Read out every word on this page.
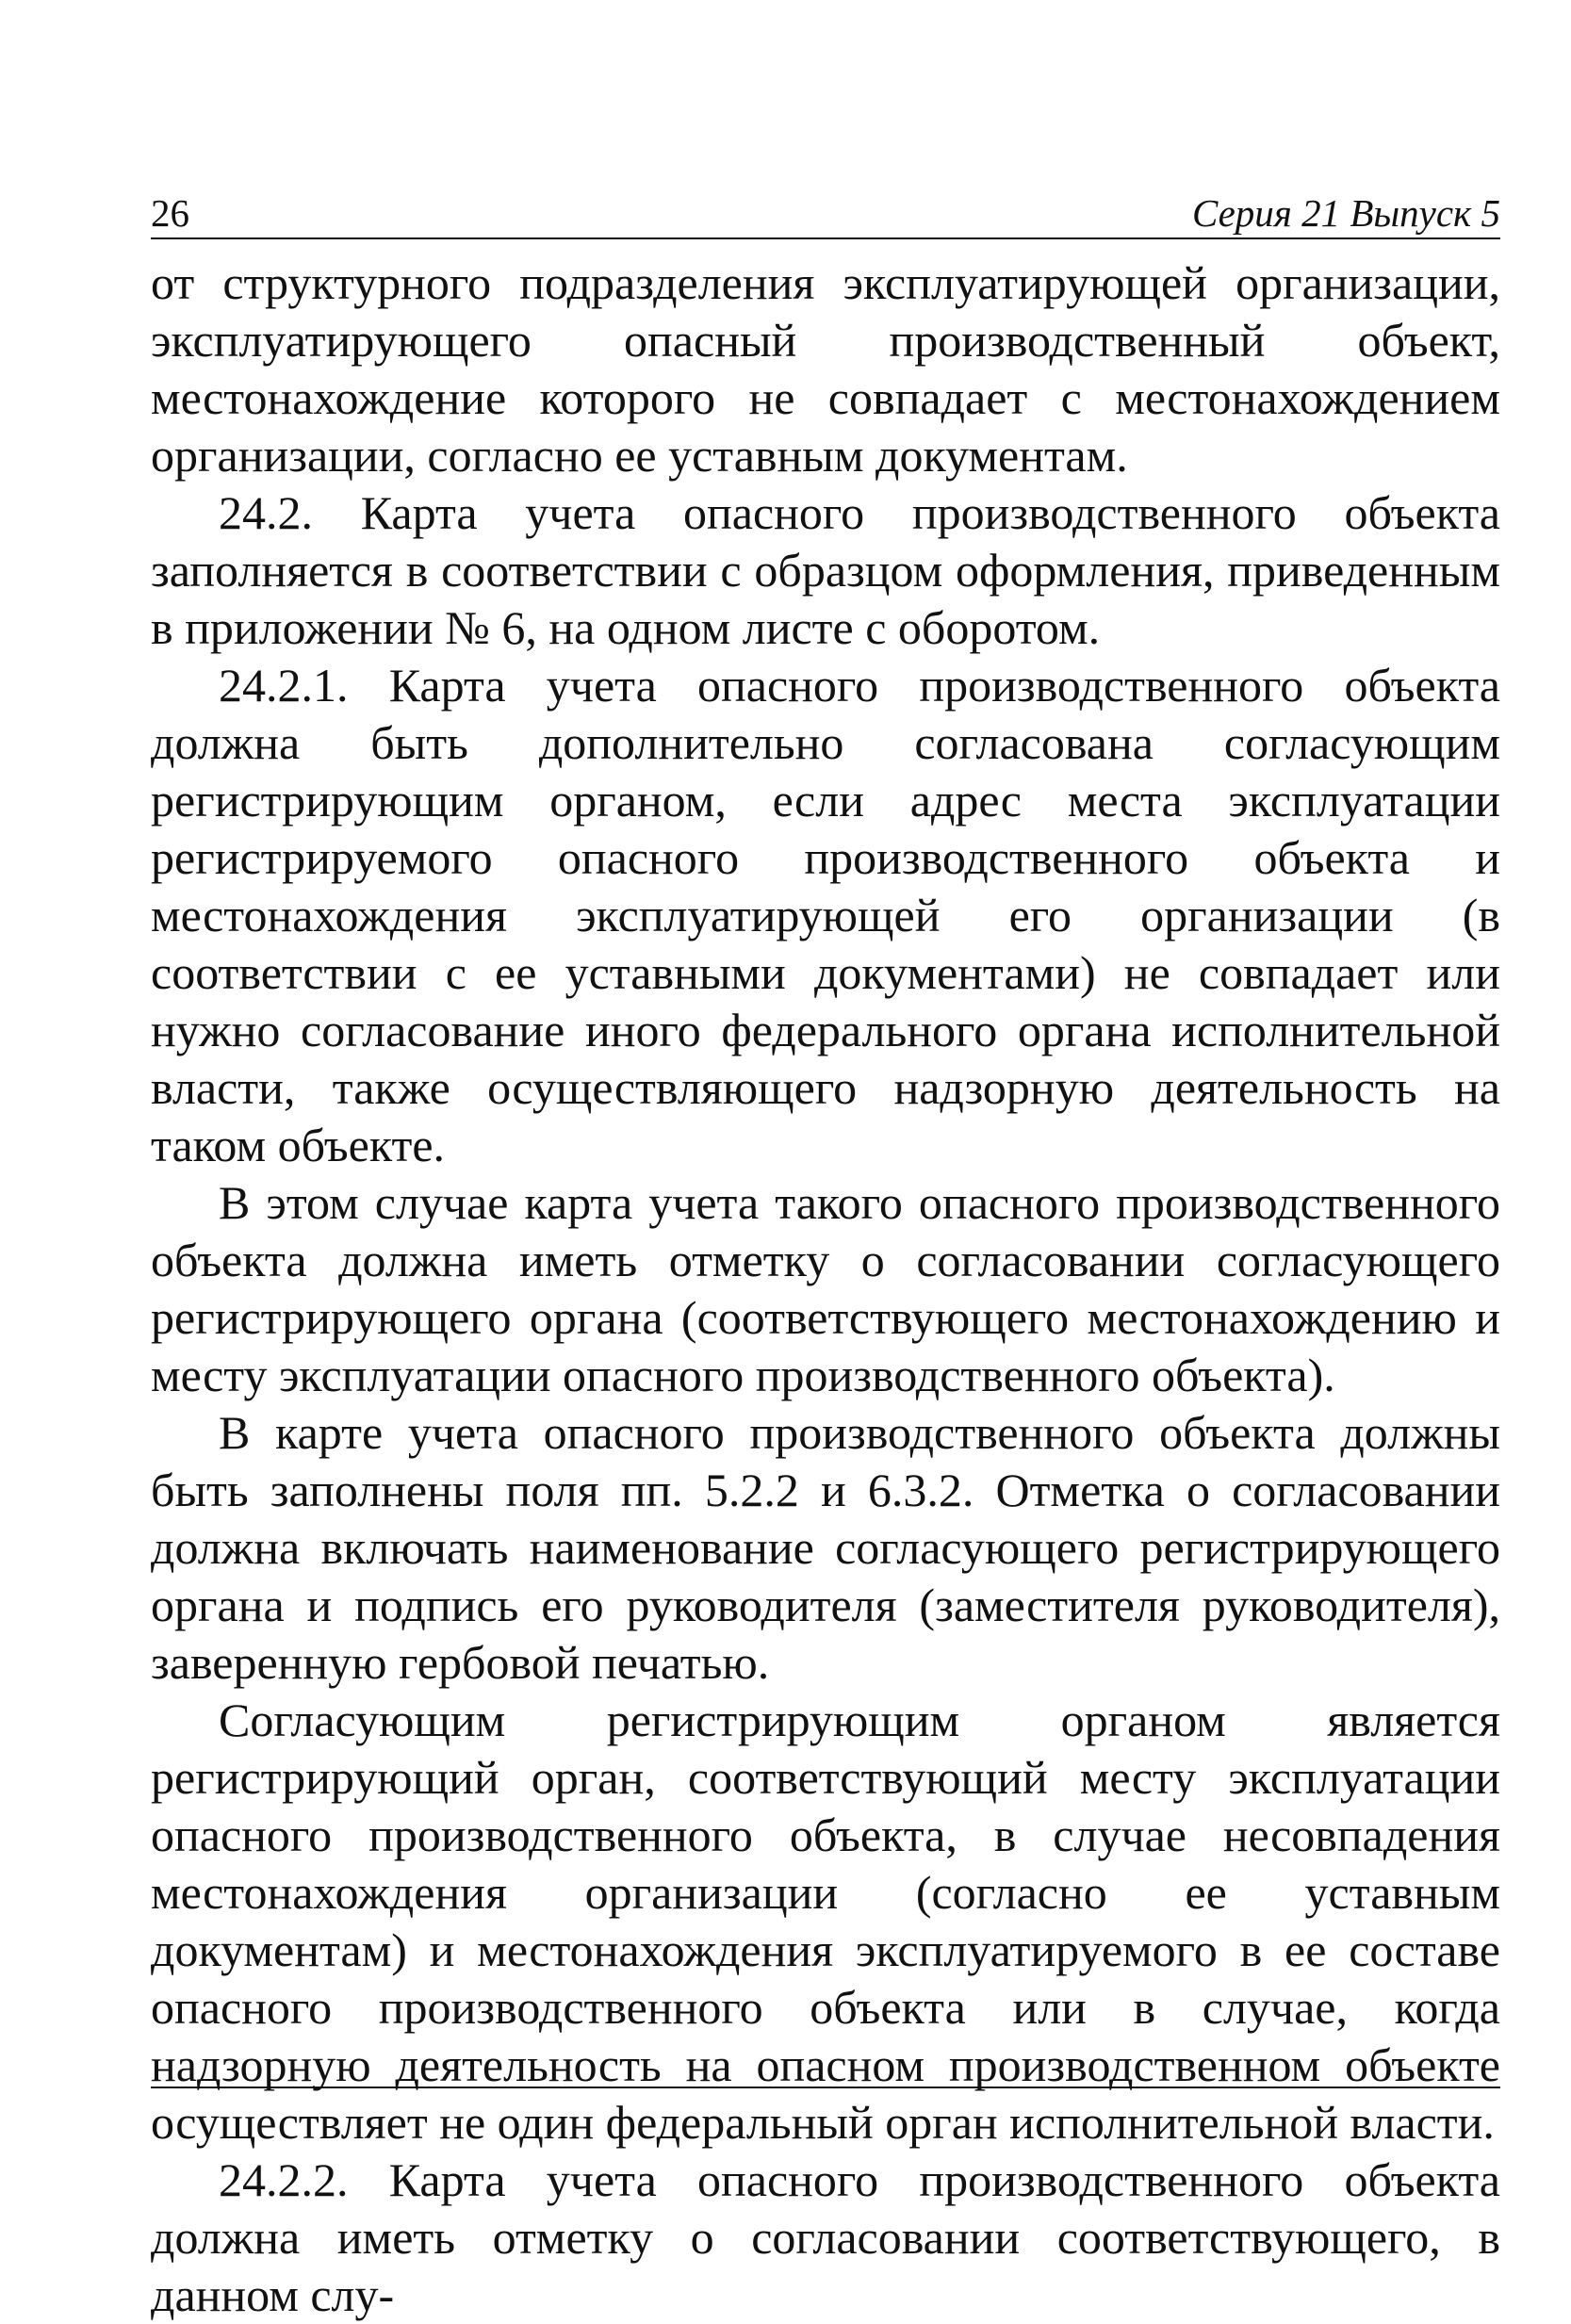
26	Серия 21 Выпуск 5

от структурного подразделения эксплуатирующей организации, эксплуатирующего опасный производственный объект, местонахождение которого не совпадает с местонахождением организации, согласно ее уставным документам.

24.2. Карта учета опасного производственного объекта заполняется в соответствии с образцом оформления, приведенным в приложении № 6, на одном листе с оборотом.

24.2.1. Карта учета опасного производственного объекта должна быть дополнительно согласована согласующим регистрирующим органом, если адрес места эксплуатации регистрируемого опасного производственного объекта и местонахождения эксплуатирующей его организации (в соответствии с ее уставными документами) не совпадает или нужно согласование иного федерального органа исполнительной власти, также осуществляющего надзорную деятельность на таком объекте.

В этом случае карта учета такого опасного производственного объекта должна иметь отметку о согласовании согласующего регистрирующего органа (соответствующего местонахождению и месту эксплуатации опасного производственного объекта).

В карте учета опасного производственного объекта должны быть заполнены поля пп. 5.2.2 и 6.3.2. Отметка о согласовании должна включать наименование согласующего регистрирующего органа и подпись его руководителя (заместителя руководителя), заверенную гербовой печатью.

Согласующим регистрирующим органом является регистрирующий орган, соответствующий месту эксплуатации опасного производственного объекта, в случае несовпадения местонахождения организации (согласно ее уставным документам) и местонахождения эксплуатируемого в ее составе опасного производственного объекта или в случае, когда надзорную деятельность на опасном производственном объекте осуществляет не один федеральный орган исполнительной власти.

24.2.2. Карта учета опасного производственного объекта должна иметь отметку о согласовании соответствующего, в данном слу-
